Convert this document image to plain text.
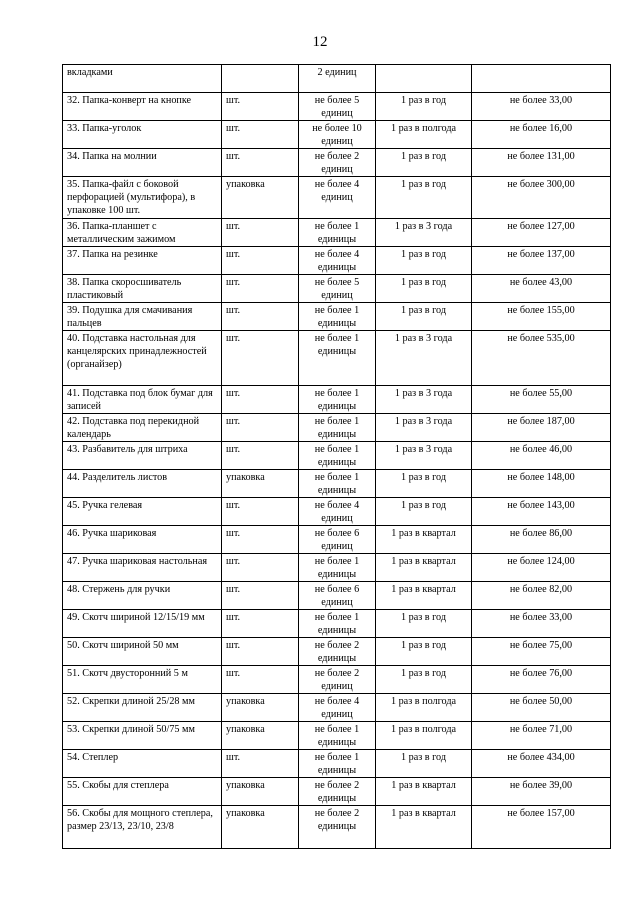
12
вкладками		2 единиц		
32. Папка-конверт на кнопке	шт.	не более 5 единиц	1 раз в год	не более 33,00
33. Папка-уголок	шт.	не более 10 единиц	1 раз в полгода	не более 16,00
34. Папка на молнии	шт.	не более 2 единиц	1 раз в год	не более 131,00
35. Папка-файл с боковой перфорацией (мультифора), в упаковке 100 шт.	упаковка	не более 4 единиц	1 раз в год	не более 300,00
36. Папка-планшет с металлическим зажимом	шт.	не более 1 единицы	1 раз в 3 года	не более 127,00
37. Папка на резинке	шт.	не более 4 единицы	1 раз в год	не более 137,00
38. Папка скоросшиватель пластиковый	шт.	не более 5 единиц	1 раз в год	не более 43,00
39. Подушка для смачивания пальцев	шт.	не более 1 единицы	1 раз в год	не более 155,00
40. Подставка настольная для канцелярских принадлежностей (органайзер)	шт.	не более 1 единицы	1 раз в 3 года	не более 535,00
41. Подставка под блок бумаг для записей	шт.	не более 1 единицы	1 раз в 3 года	не более 55,00
42. Подставка под перекидной календарь	шт.	не более 1 единицы	1 раз в 3 года	не более 187,00
43. Разбавитель для штриха	шт.	не более 1 единицы	1 раз в 3 года	не более 46,00
44. Разделитель листов	упаковка	не более 1 единицы	1 раз в год	не более 148,00
45. Ручка гелевая	шт.	не более 4 единиц	1 раз в год	не более 143,00
46. Ручка шариковая	шт.	не более 6 единиц	1 раз в квартал	не более 86,00
47. Ручка шариковая настольная	шт.	не более 1 единицы	1 раз в квартал	не более 124,00
48. Стержень для ручки	шт.	не более 6 единиц	1 раз в квартал	не более 82,00
49. Скотч шириной 12/15/19 мм	шт.	не более 1 единицы	1 раз в год	не более 33,00
50. Скотч шириной 50 мм	шт.	не более 2 единицы	1 раз в год	не более 75,00
51. Скотч двусторонний 5 м	шт.	не более 2 единиц	1 раз в год	не более 76,00
52. Скрепки длиной 25/28 мм	упаковка	не более 4 единиц	1 раз в полгода	не более 50,00
53. Скрепки длиной 50/75 мм	упаковка	не более 1 единицы	1 раз в полгода	не более 71,00
54. Степлер	шт.	не более 1 единицы	1 раз в год	не более 434,00
55. Скобы для степлера	упаковка	не более 2 единицы	1 раз в квартал	не более 39,00
56. Скобы для мощного степлера, размер 23/13, 23/10, 23/8	упаковка	не более 2 единицы	1 раз в квартал	не более 157,00
